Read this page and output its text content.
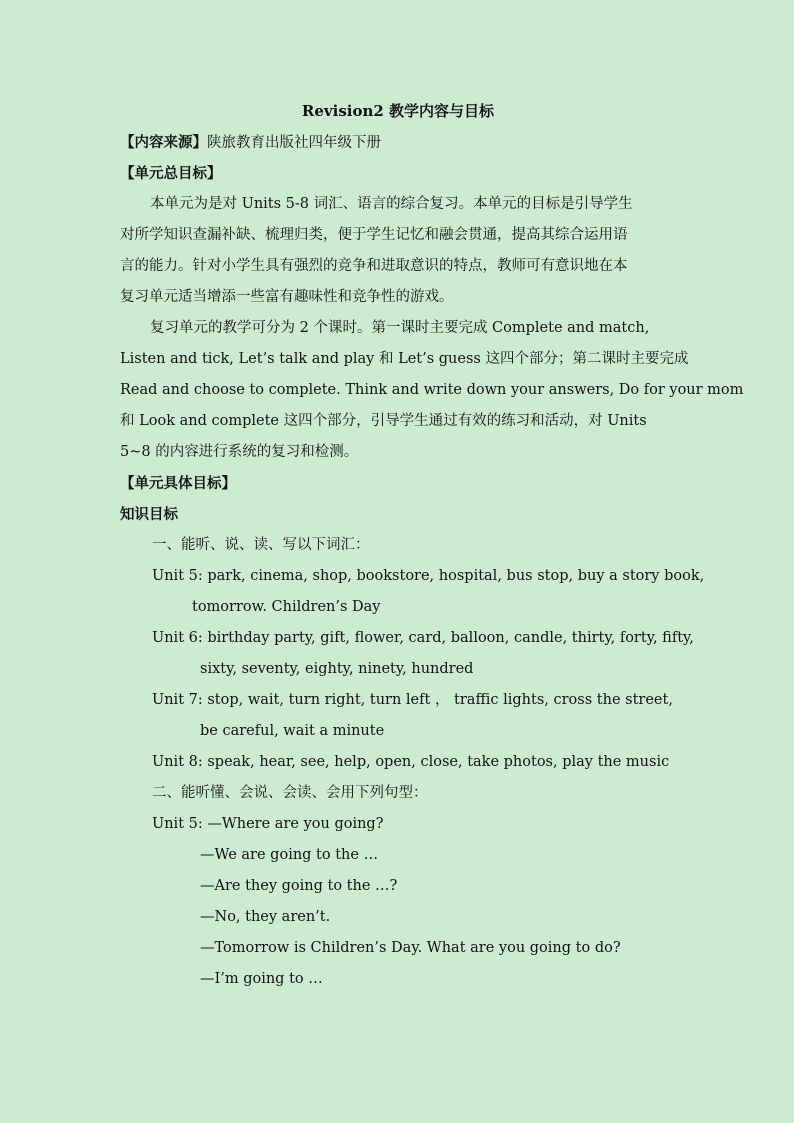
Revision2 教学内容与目标
【内容来源】陕旅教育出版社四年级下册
【单元总目标】
本单元为是对 Units 5-8 词汇、语言的综合复习。本单元的目标是引导学生
对所学知识查漏补缺、梳理归类，便于学生记忆和融会贯通，提高其综合运用语
言的能力。针对小学生具有强烈的竞争和进取意识的特点，教师可有意识地在本
复习单元适当增添一些富有趣味性和竞争性的游戏。
复习单元的教学可分为 2 个课时。第一课时主要完成 Complete and match,
Listen and tick, Let’s talk and play 和 Let’s guess 这四个部分；第二课时主要完成
Read and choose to complete. Think and write down your answers, Do for your mom
和 Look and complete 这四个部分，引导学生通过有效的练习和活动，对 Units
5~8 的内容进行系统的复习和检测。
【单元具体目标】
知识目标
一、能听、说、读、写以下词汇：
Unit 5: park, cinema, shop, bookstore, hospital, bus stop, buy a story book,
tomorrow. Children’s Day
Unit 6: birthday party, gift, flower, card, balloon, candle, thirty, forty, fifty,
sixty, seventy, eighty, ninety, hundred
Unit 7: stop, wait, turn right, turn left ， traffic lights, cross the street,
be careful, wait a minute
Unit 8: speak, hear, see, help, open, close, take photos, play the music
二、能听懂、会说、会读、会用下列句型：
Unit 5: —Where are you going?
—We are going to the …
—Are they going to the …?
—No, they aren’t.
—Tomorrow is Children’s Day. What are you going to do?
—I’m going to …
